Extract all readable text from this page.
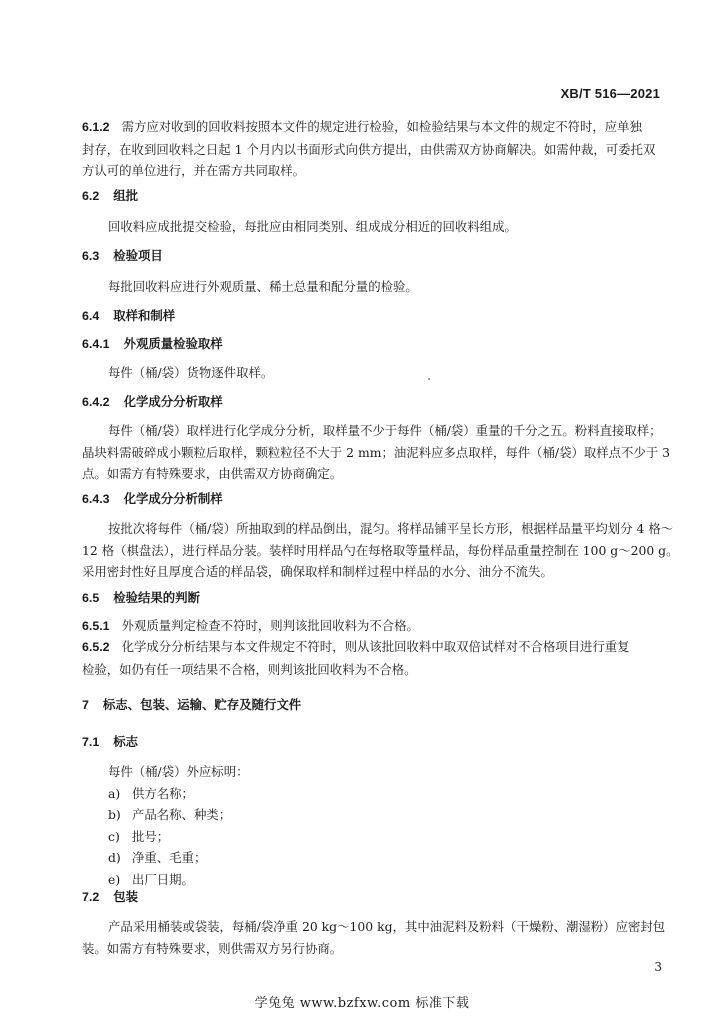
XB/T 516—2021
6.1.2 需方应对收到的回收料按照本文件的规定进行检验，如检验结果与本文件的规定不符时，应单独
封存，在收到回收料之日起 1 个月内以书面形式向供方提出，由供需双方协商解决。如需仲裁，可委托双
方认可的单位进行，并在需方共同取样。
6.2 组批
回收料应成批提交检验，每批应由相同类别、组成成分相近的回收料组成。
6.3 检验项目
每批回收料应进行外观质量、稀土总量和配分量的检验。
6.4 取样和制样
6.4.1 外观质量检验取样
每件（桶/袋）货物逐件取样。
6.4.2 化学成分分析取样
每件（桶/袋）取样进行化学成分分析，取样量不少于每件（桶/袋）重量的千分之五。粉料直接取样；
晶块料需破碎成小颗粒后取样，颗粒粒径不大于 2 mm；油泥料应多点取样，每件（桶/袋）取样点不少于 3
点。如需方有特殊要求，由供需双方协商确定。
6.4.3 化学成分分析制样
按批次将每件（桶/袋）所抽取到的样品倒出，混匀。将样品铺平呈长方形，根据样品量平均划分 4 格～
12 格（棋盘法），进行样品分装。装样时用样品勺在每格取等量样品，每份样品重量控制在 100 g～200 g。
采用密封性好且厚度合适的样品袋，确保取样和制样过程中样品的水分、油分不流失。
6.5 检验结果的判断
6.5.1 外观质量判定检查不符时，则判该批回收料为不合格。
6.5.2 化学成分分析结果与本文件规定不符时，则从该批回收料中取双倍试样对不合格项目进行重复
检验，如仍有任一项结果不合格，则判该批回收料为不合格。
7 标志、包装、运输、贮存及随行文件
7.1 标志
每件（桶/袋）外应标明：
a) 供方名称；
b) 产品名称、种类；
c) 批号；
d) 净重、毛重；
e) 出厂日期。
7.2 包装
产品采用桶装或袋装，每桶/袋净重 20 kg～100 kg，其中油泥料及粉料（干燥粉、潮湿粉）应密封包
装。如需方有特殊要求，则供需双方另行协商。
3
学兔兔 www.bzfxw.com 标准下载
